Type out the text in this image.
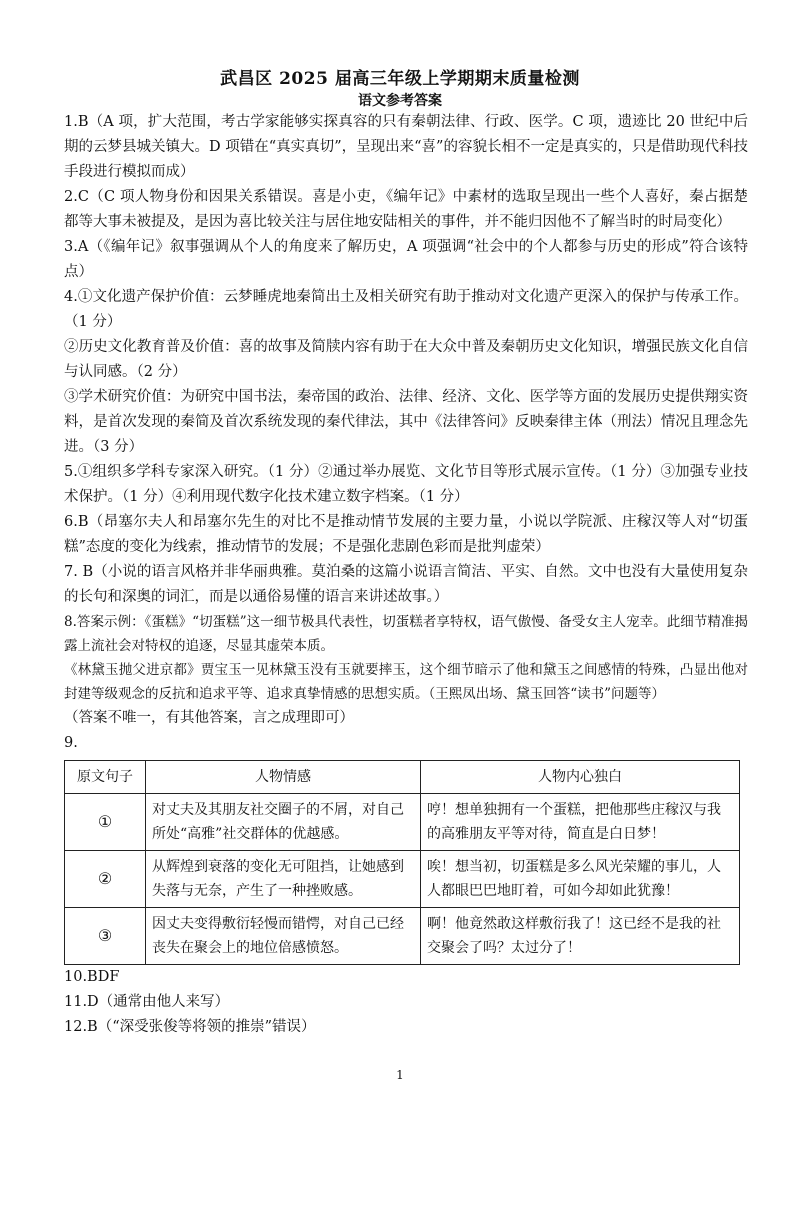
武昌区 2025 届高三年级上学期期末质量检测
语文参考答案

1.B（A 项，扩大范围，考古学家能够实探真容的只有秦朝法律、行政、医学。C 项，遗迹比 20 世纪中后期的云梦县城关镇大。D 项错在“真实真切”，呈现出来“喜”的容貌长相不一定是真实的，只是借助现代科技手段进行模拟而成）

2.C（C 项人物身份和因果关系错误。喜是小吏，《编年记》中素材的选取呈现出一些个人喜好，秦占据楚都等大事未被提及，是因为喜比较关注与居住地安陆相关的事件，并不能归因他不了解当时的时局变化）

3.A（《编年记》叙事强调从个人的角度来了解历史，A 项强调“社会中的个人都参与历史的形成”符合该特点）

4.①文化遗产保护价值：云梦睡虎地秦简出土及相关研究有助于推动对文化遗产更深入的保护与传承工作。（1 分）

②历史文化教育普及价值：喜的故事及简牍内容有助于在大众中普及秦朝历史文化知识，增强民族文化自信与认同感。（2 分）

③学术研究价值：为研究中国书法，秦帝国的政治、法律、经济、文化、医学等方面的发展历史提供翔实资料，是首次发现的秦简及首次系统发现的秦代律法，其中《法律答问》反映秦律主体（刑法）情况且理念先进。（3 分）

5.①组织多学科专家深入研究。（1 分）②通过举办展览、文化节目等形式展示宣传。（1 分）③加强专业技术保护。（1 分）④利用现代数字化技术建立数字档案。（1 分）

6.B（昂塞尔夫人和昂塞尔先生的对比不是推动情节发展的主要力量，小说以学院派、庄稼汉等人对“切蛋糕”态度的变化为线索，推动情节的发展；不是强化悲剧色彩而是批判虚荣）

7. B（小说的语言风格并非华丽典雅。莫泊桑的这篇小说语言简洁、平实、自然。文中也没有大量使用复杂的长句和深奥的词汇，而是以通俗易懂的语言来讲述故事。）

8.答案示例：《蛋糕》“切蛋糕”这一细节极具代表性，切蛋糕者享特权，语气傲慢、备受女主人宠幸。此细节精准揭露上流社会对特权的追逐，尽显其虚荣本质。

《林黛玉抛父进京都》贾宝玉一见林黛玉没有玉就要摔玉，这个细节暗示了他和黛玉之间感情的特殊，凸显出他对封建等级观念的反抗和追求平等、追求真挚情感的思想实质。（王熙凤出场、黛玉回答“读书”问题等）

（答案不唯一，有其他答案，言之成理即可）

9.

原文句子	人物情感	人物内心独白
①	对丈夫及其朋友社交圈子的不屑，对自己所处“高雅”社交群体的优越感。	哼！想单独拥有一个蛋糕，把他那些庄稼汉与我的高雅朋友平等对待，简直是白日梦！
②	从辉煌到衰落的变化无可阻挡，让她感到失落与无奈，产生了一种挫败感。	唉！想当初，切蛋糕是多么风光荣耀的事儿，人人都眼巴巴地盯着，可如今却如此犹豫！
③	因丈夫变得敷衍轻慢而错愕，对自己已经丧失在聚会上的地位倍感愤怒。	啊！他竟然敢这样敷衍我了！这已经不是我的社交聚会了吗？太过分了！

10.BDF

11.D（通常由他人来写）

12.B（“深受张俊等将领的推崇”错误）

1
